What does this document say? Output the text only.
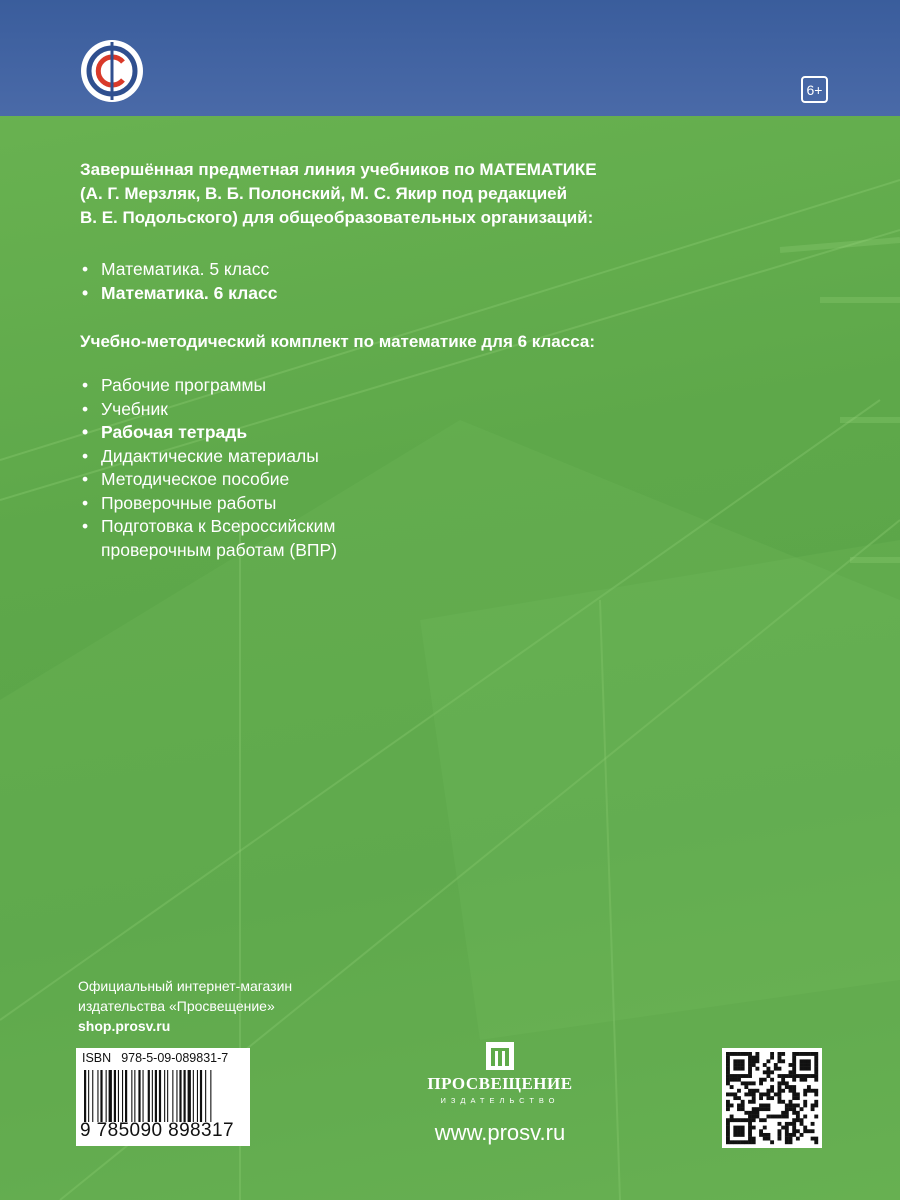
6+
Завершённая предметная линия учебников по МАТЕМАТИКЕ
(А. Г. Мерзляк, В. Б. Полонский, М. С. Якир под редакцией
В. Е. Подольского) для общеобразовательных организаций:
• Математика. 5 класс
• Математика. 6 класс
Учебно-методический комплект по математике для 6 класса:
• Рабочие программы
• Учебник
• Рабочая тетрадь
• Дидактические материалы
• Методическое пособие
• Проверочные работы
• Подготовка к Всероссийским
проверочным работам (ВПР)
Официальный интернет-магазин
издательства «Просвещение»
shop.prosv.ru
ISBN 978-5-09-089831-7
9 785090 898317
ПРОСВЕЩЕНИЕ
ИЗДАТЕЛЬСТВО
www.prosv.ru
